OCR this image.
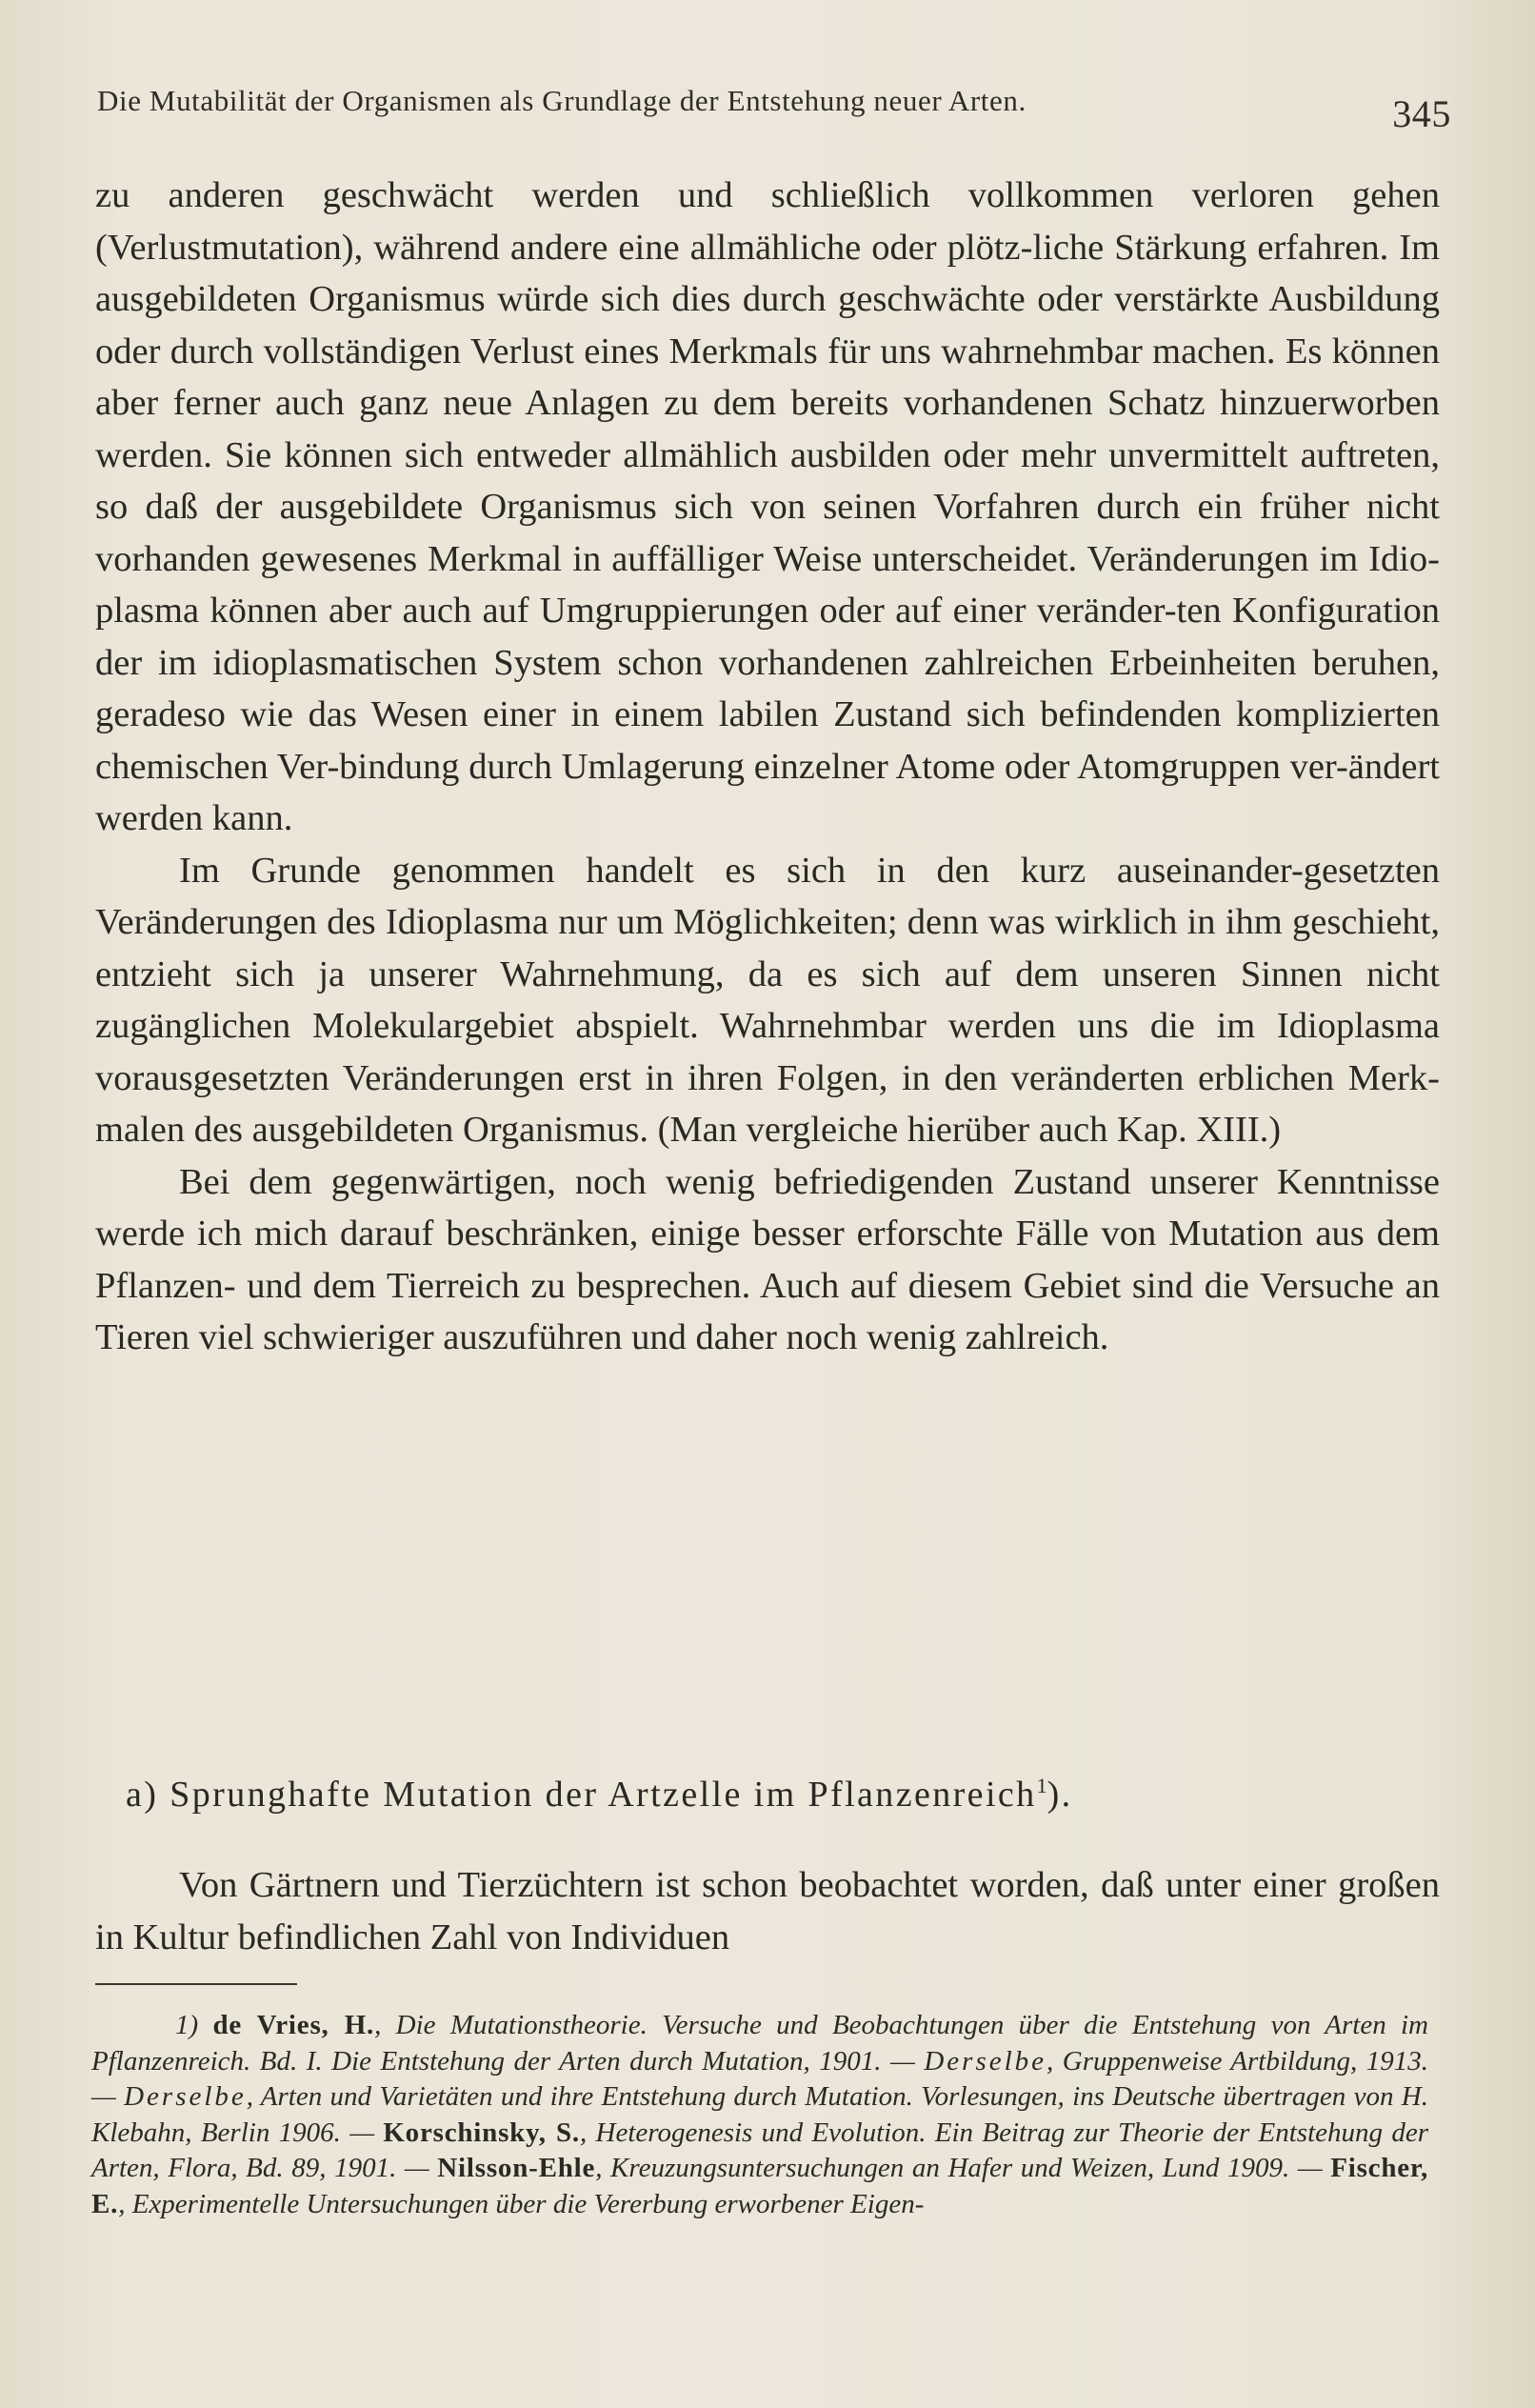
Die Mutabilität der Organismen als Grundlage der Entstehung neuer Arten.	345

zu anderen geschwächt werden und schließlich vollkommen verloren gehen (Verlustmutation), während andere eine allmähliche oder plötz-liche Stärkung erfahren. Im ausgebildeten Organismus würde sich dies durch geschwächte oder verstärkte Ausbildung oder durch vollständigen Verlust eines Merkmals für uns wahrnehmbar machen. Es können aber ferner auch ganz neue Anlagen zu dem bereits vorhandenen Schatz hinzuerworben werden. Sie können sich entweder allmählich ausbilden oder mehr unvermittelt auftreten, so daß der ausgebildete Organismus sich von seinen Vorfahren durch ein früher nicht vorhanden gewesenes Merkmal in auffälliger Weise unterscheidet. Veränderungen im Idio-plasma können aber auch auf Umgruppierungen oder auf einer veränder-ten Konfiguration der im idioplasmatischen System schon vorhandenen zahlreichen Erbeinheiten beruhen, geradeso wie das Wesen einer in einem labilen Zustand sich befindenden komplizierten chemischen Ver-bindung durch Umlagerung einzelner Atome oder Atomgruppen ver-ändert werden kann.

Im Grunde genommen handelt es sich in den kurz auseinander-gesetzten Veränderungen des Idioplasma nur um Möglichkeiten; denn was wirklich in ihm geschieht, entzieht sich ja unserer Wahrnehmung, da es sich auf dem unseren Sinnen nicht zugänglichen Molekulargebiet abspielt. Wahrnehmbar werden uns die im Idioplasma vorausgesetzten Veränderungen erst in ihren Folgen, in den veränderten erblichen Merk-malen des ausgebildeten Organismus. (Man vergleiche hierüber auch Kap. XIII.)

Bei dem gegenwärtigen, noch wenig befriedigenden Zustand unserer Kenntnisse werde ich mich darauf beschränken, einige besser erforschte Fälle von Mutation aus dem Pflanzen- und dem Tierreich zu besprechen. Auch auf diesem Gebiet sind die Versuche an Tieren viel schwieriger auszuführen und daher noch wenig zahlreich.

a) Sprunghafte Mutation der Artzelle im Pflanzenreich$^1$).

Von Gärtnern und Tierzüchtern ist schon beobachtet worden, daß unter einer großen in Kultur befindlichen Zahl von Individuen

1) de Vries, H., Die Mutationstheorie. Versuche und Beobachtungen über die Entstehung von Arten im Pflanzenreich. Bd. I. Die Entstehung der Arten durch Mutation, 1901. — Derselbe, Gruppenweise Artbildung, 1913. — Derselbe, Arten und Varietäten und ihre Entstehung durch Mutation. Vorlesungen, ins Deutsche übertragen von H. Klebahn, Berlin 1906. — Korschinsky, S., Heterogenesis und Evolution. Ein Beitrag zur Theorie der Entstehung der Arten, Flora, Bd. 89, 1901. — Nilsson-Ehle, Kreuzungsuntersuchungen an Hafer und Weizen, Lund 1909. — Fischer, E., Experimentelle Untersuchungen über die Vererbung erworbener Eigen-
